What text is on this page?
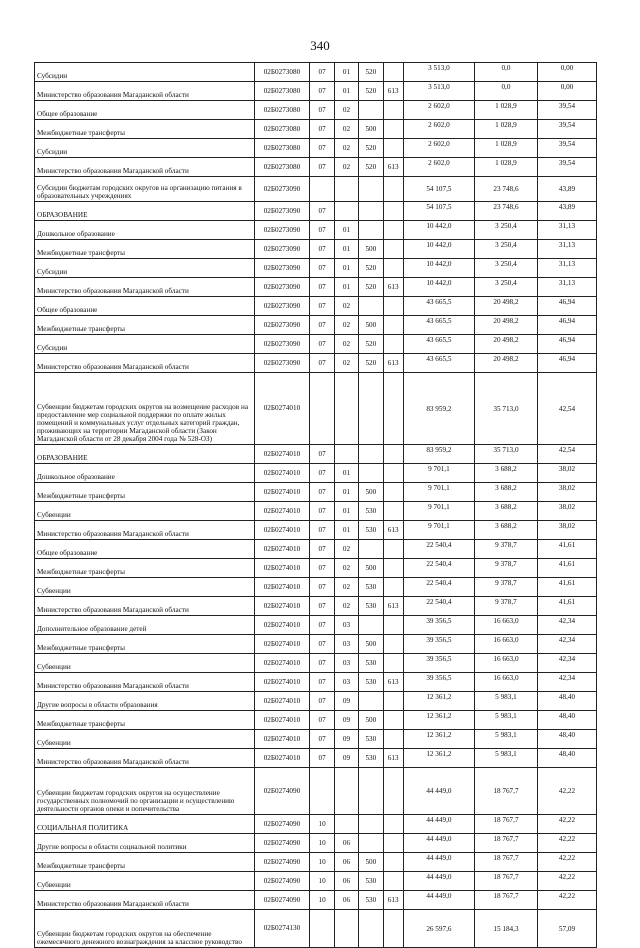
340
Субсидии	02Б0273080	07	01	520		3 513,0	0,0	0,00
Министерство образования Магаданской области	02Б0273080	07	01	520	613	3 513,0	0,0	0,00
Общее образование	02Б0273080	07	02			2 602,0	1 028,9	39,54
Межбюджетные трансферты	02Б0273080	07	02	500		2 602,0	1 028,9	39,54
Субсидии	02Б0273080	07	02	520		2 602,0	1 028,9	39,54
Министерство образования Магаданской области	02Б0273080	07	02	520	613	2 602,0	1 028,9	39,54
Субсидии бюджетам городских округов на организацию питания в образовательных учреждениях	02Б0273090					54 107,5	23 748,6	43,89
ОБРАЗОВАНИЕ	02Б0273090	07				54 107,5	23 748,6	43,89
Дошкольное образование	02Б0273090	07	01			10 442,0	3 250,4	31,13
Межбюджетные трансферты	02Б0273090	07	01	500		10 442,0	3 250,4	31,13
Субсидии	02Б0273090	07	01	520		10 442,0	3 250,4	31,13
Министерство образования Магаданской области	02Б0273090	07	01	520	613	10 442,0	3 250,4	31,13
Общее образование	02Б0273090	07	02			43 665,5	20 498,2	46,94
Межбюджетные трансферты	02Б0273090	07	02	500		43 665,5	20 498,2	46,94
Субсидии	02Б0273090	07	02	520		43 665,5	20 498,2	46,94
Министерство образования Магаданской области	02Б0273090	07	02	520	613	43 665,5	20 498,2	46,94
Субвенции бюджетам городских округов на возмещение расходов на предоставление мер социальной поддержки по оплате жилых помещений и коммунальных услуг отдельных категорий граждан, проживающих на территории Магаданской области (Закон Магаданской области от 28 декабря 2004 года № 528-ОЗ)	02Б0274010					83 959,2	35 713,0	42,54
ОБРАЗОВАНИЕ	02Б0274010	07				83 959,2	35 713,0	42,54
Дошкольное образование	02Б0274010	07	01			9 701,1	3 688,2	38,02
Межбюджетные трансферты	02Б0274010	07	01	500		9 701,1	3 688,2	38,02
Субвенции	02Б0274010	07	01	530		9 701,1	3 688,2	38,02
Министерство образования Магаданской области	02Б0274010	07	01	530	613	9 701,1	3 688,2	38,02
Общее образование	02Б0274010	07	02			22 540,4	9 378,7	41,61
Межбюджетные трансферты	02Б0274010	07	02	500		22 540,4	9 378,7	41,61
Субвенции	02Б0274010	07	02	530		22 540,4	9 378,7	41,61
Министерство образования Магаданской области	02Б0274010	07	02	530	613	22 540,4	9 378,7	41,61
Дополнительное образование детей	02Б0274010	07	03			39 356,5	16 663,0	42,34
Межбюджетные трансферты	02Б0274010	07	03	500		39 356,5	16 663,0	42,34
Субвенции	02Б0274010	07	03	530		39 356,5	16 663,0	42,34
Министерство образования Магаданской области	02Б0274010	07	03	530	613	39 356,5	16 663,0	42,34
Другие вопросы в области образования	02Б0274010	07	09			12 361,2	5 983,1	48,40
Межбюджетные трансферты	02Б0274010	07	09	500		12 361,2	5 983,1	48,40
Субвенции	02Б0274010	07	09	530		12 361,2	5 983,1	48,40
Министерство образования Магаданской области	02Б0274010	07	09	530	613	12 361,2	5 983,1	48,40
Субвенции бюджетам городских округов на осуществление государственных полномочий по организации и осуществлению деятельности органов опеки и попечительства	02Б0274090					44 449,0	18 767,7	42,22
СОЦИАЛЬНАЯ ПОЛИТИКА	02Б0274090	10				44 449,0	18 767,7	42,22
Другие вопросы в области социальной политики	02Б0274090	10	06			44 449,0	18 767,7	42,22
Межбюджетные трансферты	02Б0274090	10	06	500		44 449,0	18 767,7	42,22
Субвенции	02Б0274090	10	06	530		44 449,0	18 767,7	42,22
Министерство образования Магаданской области	02Б0274090	10	06	530	613	44 449,0	18 767,7	42,22
Субвенции бюджетам городских округов на обеспечение ежемесячного денежного вознаграждения за классное руководство	02Б0274130					26 597,6	15 184,3	57,09
